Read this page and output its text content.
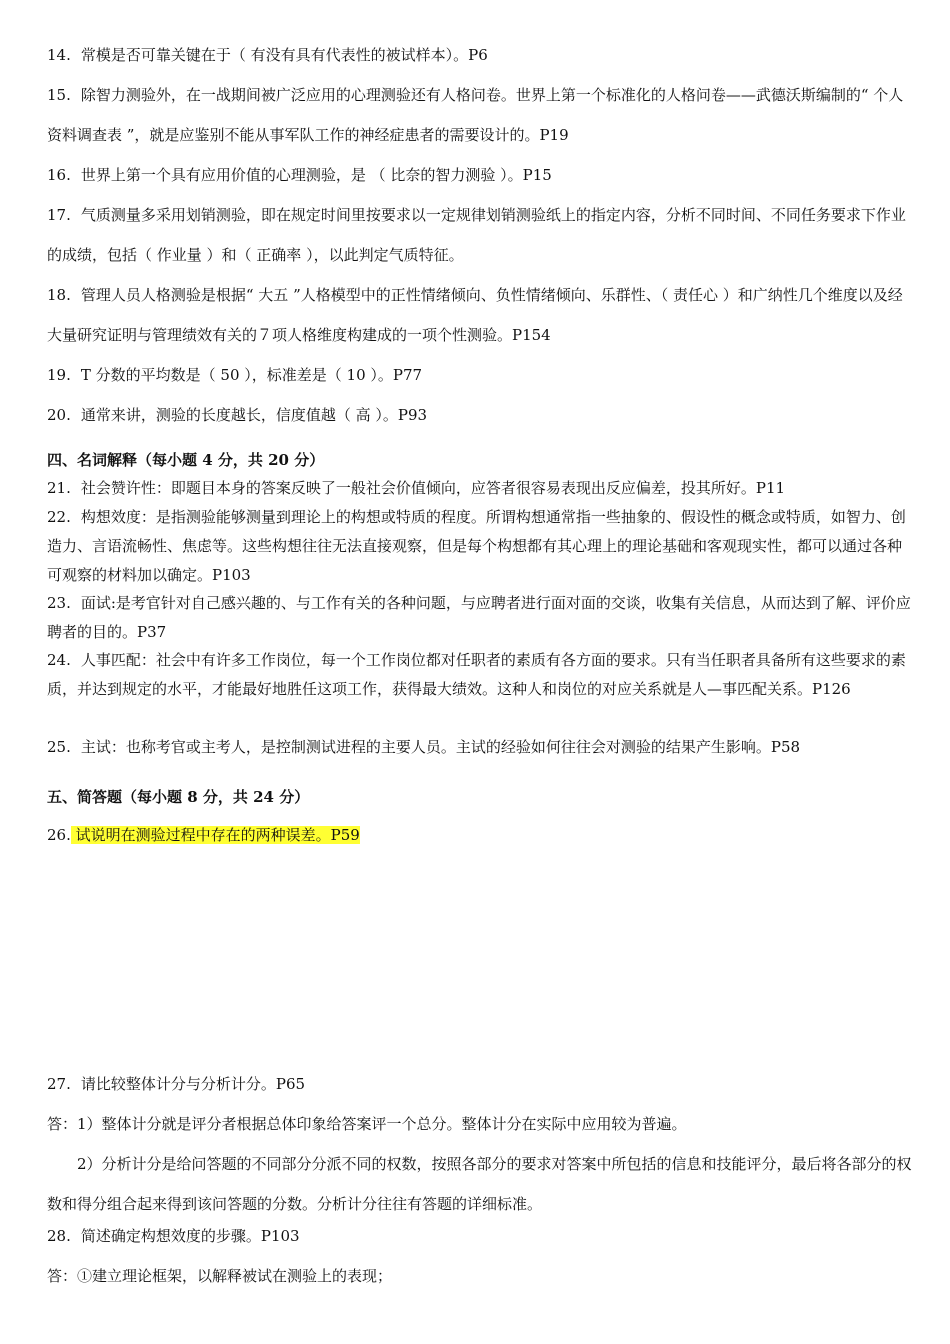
14. 常模是否可靠关键在于（ 有没有具有代表性的被试样本）。P6
15. 除智力测验外，在一战期间被广泛应用的心理测验还有人格问卷。世界上第一个标准化的人格问卷——武德沃斯编制的“ 个人资料调查表 ”，就是应鉴别不能从事军队工作的神经症患者的需要设计的。P19
16. 世界上第一个具有应用价值的心理测验，是 （ 比奈的智力测验 ）。P15
17. 气质测量多采用划销测验，即在规定时间里按要求以一定规律划销测验纸上的指定内容，分析不同时间、不同任务要求下作业的成绩，包括（ 作业量 ）和（ 正确率 ），以此判定气质特征。
18. 管理人员人格测验是根据“ 大五 ”人格模型中的正性情绪倾向、负性情绪倾向、乐群性、（ 责任心 ）和广纳性几个维度以及经大量研究证明与管理绩效有关的７项人格维度构建成的一项个性测验。P154
19. T 分数的平均数是（ 50 ），标准差是（ 10 ）。P77
20. 通常来讲，测验的长度越长，信度值越（ 高 ）。P93
四、名词解释（每小题 4 分，共 20 分）
21. 社会赞许性：即题目本身的答案反映了一般社会价值倾向，应答者很容易表现出反应偏差，投其所好。P11
22. 构想效度：是指测验能够测量到理论上的构想或特质的程度。所谓构想通常指一些抽象的、假设性的概念或特质，如智力、创造力、言语流畅性、焦虑等。这些构想往往无法直接观察，但是每个构想都有其心理上的理论基础和客观现实性，都可以通过各种可观察的材料加以确定。P103
23. 面试:是考官针对自己感兴趣的、与工作有关的各种问题，与应聘者进行面对面的交谈，收集有关信息，从而达到了解、评价应聘者的目的。P37
24. 人事匹配：社会中有许多工作岗位，每一个工作岗位都对任职者的素质有各方面的要求。只有当任职者具备所有这些要求的素质，并达到规定的水平，才能最好地胜任这项工作，获得最大绩效。这种人和岗位的对应关系就是人—事匹配关系。P126
25. 主试：也称考官或主考人，是控制测试进程的主要人员。主试的经验如何往往会对测验的结果产生影响。P58
五、简答题（每小题 8 分，共 24 分）
26. 试说明在测验过程中存在的两种误差。P59
27. 请比较整体计分与分析计分。P65
答：1）整体计分就是评分者根据总体印象给答案评一个总分。整体计分在实际中应用较为普遍。
2）分析计分是给问答题的不同部分分派不同的权数，按照各部分的要求对答案中所包括的信息和技能评分，最后将各部分的权数和得分组合起来得到该问答题的分数。分析计分往往有答题的详细标准。
28. 简述确定构想效度的步骤。P103
答：①建立理论框架，以解释被试在测验上的表现；
